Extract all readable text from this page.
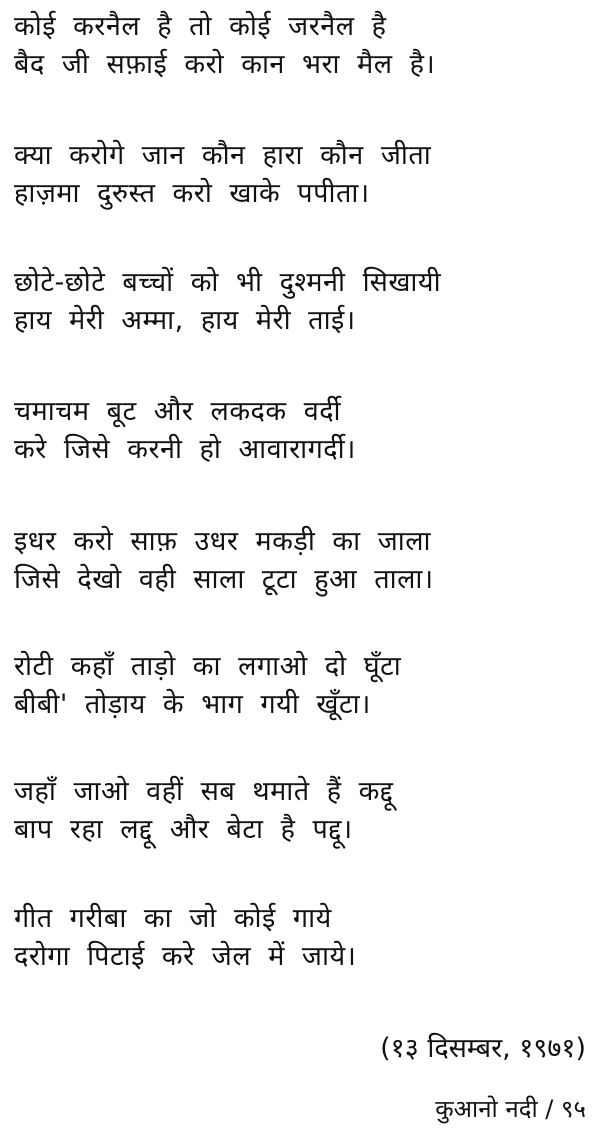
कोई करनैल है तो कोई जरनैल है
बैद जी सफ़ाई करो कान भरा मैल है।
क्या करोगे जान कौन हारा कौन जीता
हाज़मा दुरुस्त करो खाके पपीता।
छोटे-छोटे बच्चों को भी दुश्मनी सिखायी
हाय मेरी अम्मा, हाय मेरी ताई।
चमाचम बूट और लकदक वर्दी
करे जिसे करनी हो आवारागर्दी।
इधर करो साफ़ उधर मकड़ी का जाला
जिसे देखो वही साला टूटा हुआ ताला।
रोटी कहाँ ताड़ो का लगाओ दो घूँटा
बीबी' तोड़ाय के भाग गयी खूँटा।
जहाँ जाओ वहीं सब थमाते हैं कद्दू
बाप रहा लद्दू और बेटा है पद्दू।
गीत गरीबा का जो कोई गाये
दरोगा पिटाई करे जेल में जाये।
(१३ दिसम्बर, १९७१)
कुआनो नदी / ९५
